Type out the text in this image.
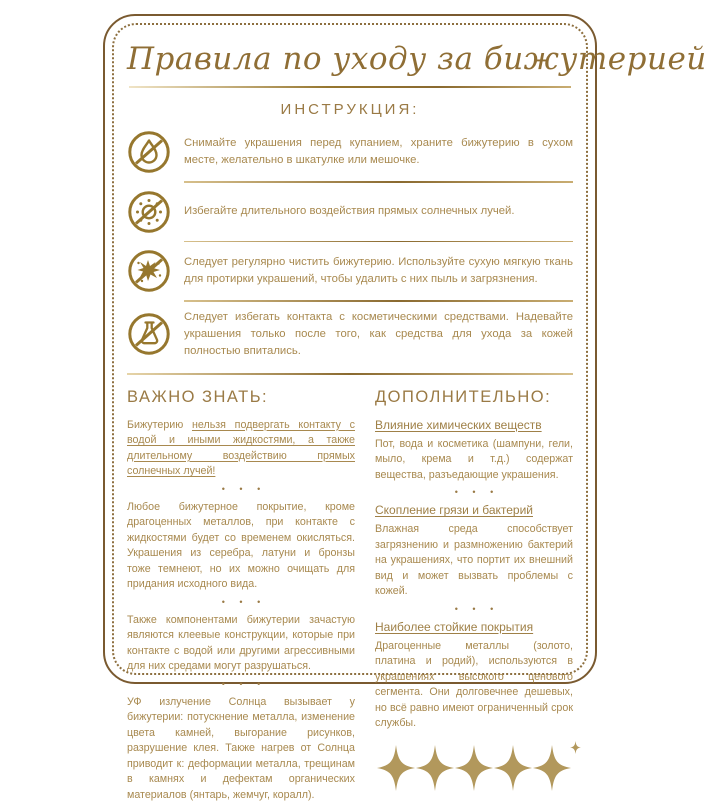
Правила по уходу за бижутерией
ИНСТРУКЦИЯ:
Снимайте украшения перед купанием, храните бижутерию в сухом месте, желательно в шкатулке или мешочке.
Избегайте длительного воздействия прямых солнечных лучей.
Следует регулярно чистить бижутерию. Используйте сухую мягкую ткань для протирки украшений, чтобы удалить с них пыль и загрязнения.
Следует избегать контакта с косметическими средствами. Надевайте украшения только после того, как средства для ухода за кожей полностью впитались.
ВАЖНО ЗНАТЬ:

Бижутерию нельзя подвергать контакту с водой и иными жидкостями, а также длительному воздействию прямых солнечных лучей!

• • •

Любое бижутерное покрытие, кроме драгоценных металлов, при контакте с жидкостями будет со временем окисляться. Украшения из серебра, латуни и бронзы тоже темнеют, но их можно очищать для придания исходного вида.

• • •

Также компонентами бижутерии зачастую являются клеевые конструкции, которые при контакте с водой или другими агрессивными для них средами могут разрушаться.

• • •

УФ излучение Солнца вызывает у бижутерии: потускнение металла, изменение цвета камней, выгорание рисунков, разрушение клея. Также нагрев от Солнца приводит к: деформации металла, трещинам в камнях и дефектам органических материалов (янтарь, жемчуг, коралл).

ДОПОЛНИТЕЛЬНО:
Влияние химических веществ

Пот, вода и косметика (шампуни, гели, мыло, крема и т.д.) содержат вещества, разъедающие украшения.

• • •
Скопление грязи и бактерий

Влажная среда способствует загрязнению и размножению бактерий на украшениях, что портит их внешний вид и может вызвать проблемы с кожей.

• • •
Наиболее стойкие покрытия

Драгоценные металлы (золото, платина и родий), используются в украшениях высокого ценового сегмента. Они долговечнее дешевых, но всё равно имеют ограниченный срок службы.
